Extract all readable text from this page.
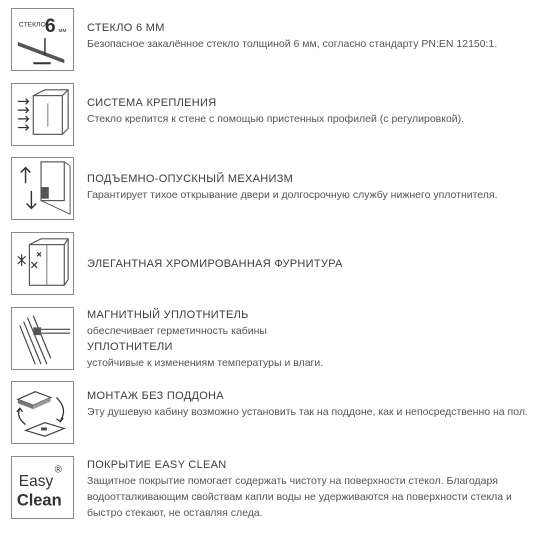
СТЕКЛО 6 мм СТЕКЛО 6 ММ
Безопасное закалённое стекло толщиной 6 мм, согласно стандарту PN:EN 12150:1.
СИСТЕМА КРЕПЛЕНИЯ
Стекло крепится к стене с помощью пристенных профилей (с регулировкой).
ПОДЪЕМНО-ОПУСКНЫЙ МЕХАНИЗМ
Гарантирует тихое открывание двери и долгосрочную службу нижнего уплотнителя.
ЭЛЕГАНТНАЯ ХРОМИРОВАННАЯ ФУРНИТУРА
МАГНИТНЫЙ УПЛОТНИТЕЛЬ
обеспечивает герметичность кабины
УПЛОТНИТЕЛИ
устойчивые к изменениям температуры и влаги.
МОНТАЖ БЕЗ ПОДДОНА
Эту душевую кабину возможно установить так на поддоне, как и непосредственно на пол.
Easy
®
Clean
ПОКРЫТИЕ EASY CLEAN
Защитное покрытие помогает содержать чистоту на поверхности стекол. Благодаря водоотталкивающим свойствам капли воды не удерживаются на поверхности стекла и быстро стекают, не оставляя следа.
